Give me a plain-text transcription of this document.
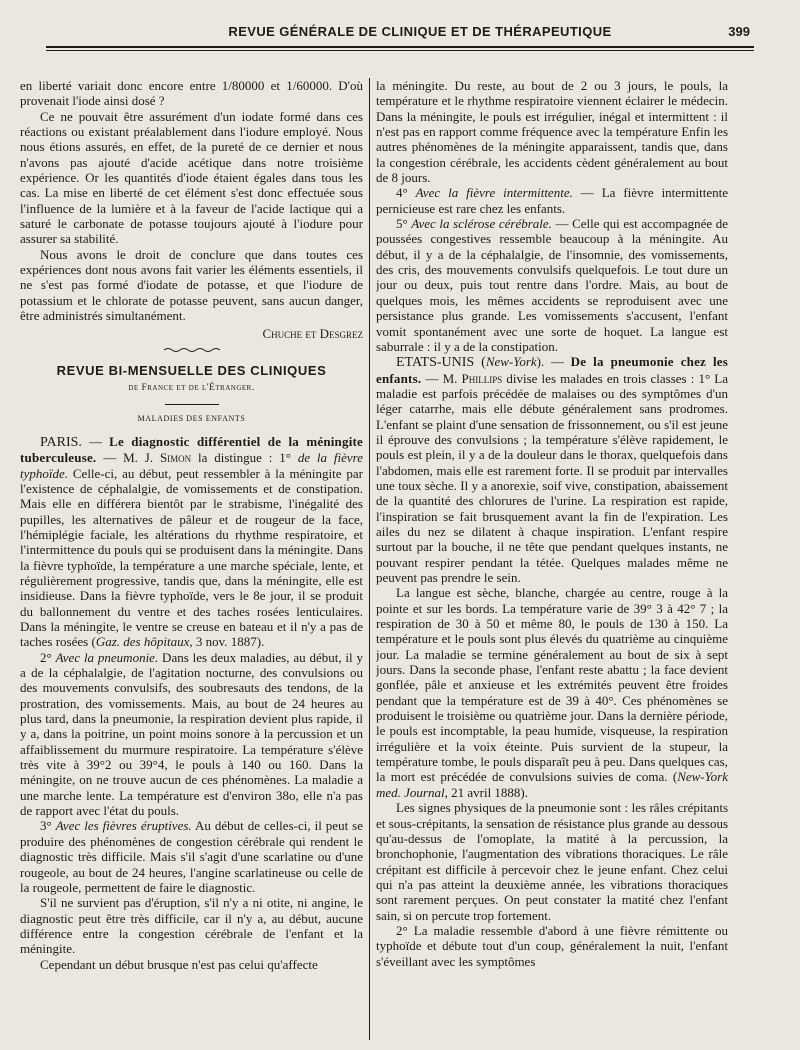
REVUE GÉNÉRALE DE CLINIQUE ET DE THÉRAPEUTIQUE	399

en liberté variait donc encore entre 1/80000 et 1/60000. D'où provenait l'iode ainsi dosé ?

Ce ne pouvait être assurément d'un iodate formé dans ces réactions ou existant préalablement dans l'iodure employé. Nous nous étions assurés, en effet, de la pureté de ce dernier et nous n'avons pas ajouté d'acide acétique dans notre troisième expérience. Or les quantités d'iode étaient égales dans tous les cas. La mise en liberté de cet élément s'est donc effectuée sous l'influence de la lumière et à la faveur de l'acide lactique qui a saturé le carbonate de potasse toujours ajouté à l'iodure pour assurer sa stabilité.

Nous avons le droit de conclure que dans toutes ces expériences dont nous avons fait varier les éléments essentiels, il ne s'est pas formé d'iodate de potasse, et que l'iodure de potassium et le chlorate de potasse peuvent, sans aucun danger, être administrés simultanément.

Chuche et Desgrez
REVUE BI-MENSUELLE DES CLINIQUES
de France et de l'Étranger.
MALADIES DES ENFANTS

PARIS. — Le diagnostic différentiel de la méningite tuberculeuse. — M. J. Simon la distingue : 1° de la fièvre typhoïde. Celle-ci, au début, peut ressembler à la méningite par l'existence de céphalalgie, de vomissements et de constipation. Mais elle en différera bientôt par le strabisme, l'inégalité des pupilles, les alternatives de pâleur et de rougeur de la face, l'hémiplégie faciale, les altérations du rhythme respiratoire, et l'intermittence du pouls qui se produisent dans la méningite. Dans la fièvre typhoïde, la température a une marche spéciale, lente, et régulièrement progressive, tandis que, dans la méningite, elle est insidieuse. Dans la fièvre typhoïde, vers le 8e jour, il se produit du ballonnement du ventre et des taches rosées lenticulaires. Dans la méningite, le ventre se creuse en bateau et il n'y a pas de taches rosées (Gaz. des hôpitaux, 3 nov. 1887).

2° Avec la pneumonie. Dans les deux maladies, au début, il y a de la céphalalgie, de l'agitation nocturne, des convulsions ou des mouvements convulsifs, des soubresauts des tendons, de la prostration, des vomissements. Mais, au bout de 24 heures au plus tard, dans la pneumonie, la respiration devient plus rapide, il y a, dans la poitrine, un point moins sonore à la percussion et un affaiblissement du murmure respiratoire. La température s'élève très vite à 39°2 ou 39°4, le pouls à 140 ou 160. Dans la méningite, on ne trouve aucun de ces phénomènes. La maladie a une marche lente. La température est d'environ 38o, elle n'a pas de rapport avec l'état du pouls.

3° Avec les fièvres éruptives. Au début de celles-ci, il peut se produire des phénomènes de congestion cérébrale qui rendent le diagnostic très difficile. Mais s'il s'agit d'une scarlatine ou d'une rougeole, au bout de 24 heures, l'angine scarlatineuse ou celle de la rougeole, permettent de faire le diagnostic.

S'il ne survient pas d'éruption, s'il n'y a ni otite, ni angine, le diagnostic peut être très difficile, car il n'y a, au début, aucune différence entre la congestion cérébrale de l'enfant et la méningite.

Cependant un début brusque n'est pas celui qu'affecte

la méningite. Du reste, au bout de 2 ou 3 jours, le pouls, la température et le rhythme respiratoire viennent éclairer le médecin. Dans la méningite, le pouls est irrégulier, inégal et intermittent : il n'est pas en rapport comme fréquence avec la température Enfin les autres phénomènes de la méningite apparaissent, tandis que, dans la congestion cérébrale, les accidents cèdent généralement au bout de 8 jours.

4° Avec la fièvre intermittente. — La fièvre intermittente pernicieuse est rare chez les enfants.

5° Avec la sclérose cérébrale. — Celle qui est accompagnée de poussées congestives ressemble beaucoup à la méningite. Au début, il y a de la céphalalgie, de l'insomnie, des vomissements, des cris, des mouvements convulsifs quelquefois. Le tout dure un jour ou deux, puis tout rentre dans l'ordre. Mais, au bout de quelques mois, les mêmes accidents se reproduisent avec une persistance plus grande. Les vomissements s'accusent, l'enfant vomit spontanément avec une sorte de hoquet. La langue est saburrale : il y a de la constipation.

ETATS-UNIS (New-York). — De la pneumonie chez les enfants. — M. Phillips divise les malades en trois classes : 1° La maladie est parfois précédée de malaises ou des symptômes d'un léger catarrhe, mais elle débute généralement sans prodromes. L'enfant se plaint d'une sensation de frissonnement, ou s'il est jeune il éprouve des convulsions ; la température s'élève rapidement, le pouls est plein, il y a de la douleur dans le thorax, quelquefois dans l'abdomen, mais elle est rarement forte. Il se produit par intervalles une toux sèche. Il y a anorexie, soif vive, constipation, abaissement de la quantité des chlorures de l'urine. La respiration est rapide, l'inspiration se fait brusquement avant la fin de l'expiration. Les ailes du nez se dilatent à chaque inspiration. L'enfant respire surtout par la bouche, il ne tête que pendant quelques instants, ne pouvant respirer pendant la tétée. Quelques malades même ne peuvent pas prendre le sein.

La langue est sèche, blanche, chargée au centre, rouge à la pointe et sur les bords. La température varie de 39° 3 à 42° 7 ; la respiration de 30 à 50 et même 80, le pouls de 130 à 150. La température et le pouls sont plus élevés du quatrième au cinquième jour. La maladie se termine généralement au bout de six à sept jours. Dans la seconde phase, l'enfant reste abattu ; la face devient gonflée, pâle et anxieuse et les extrémités peuvent être froides pendant que la température est de 39 à 40°. Ces phénomènes se produisent le troisième ou quatrième jour. Dans la dernière période, le pouls est incomptable, la peau humide, visqueuse, la respiration irrégulière et la voix éteinte. Puis survient de la stupeur, la température tombe, le pouls disparaît peu à peu. Dans quelques cas, la mort est précédée de convulsions suivies de coma. (New-York med. Journal, 21 avril 1888).

Les signes physiques de la pneumonie sont : les râles crépitants et sous-crépitants, la sensation de résistance plus grande au dessous qu'au-dessus de l'omoplate, la matité à la percussion, la bronchophonie, l'augmentation des vibrations thoraciques. Le râle crépitant est difficile à percevoir chez le jeune enfant. Chez celui qui n'a pas atteint la deuxième année, les vibrations thoraciques sont rarement perçues. On peut constater la matité chez l'enfant sain, si on percute trop fortement.

2° La maladie ressemble d'abord à une fièvre rémittente ou typhoïde et débute tout d'un coup, généralement la nuit, l'enfant s'éveillant avec les symptômes
